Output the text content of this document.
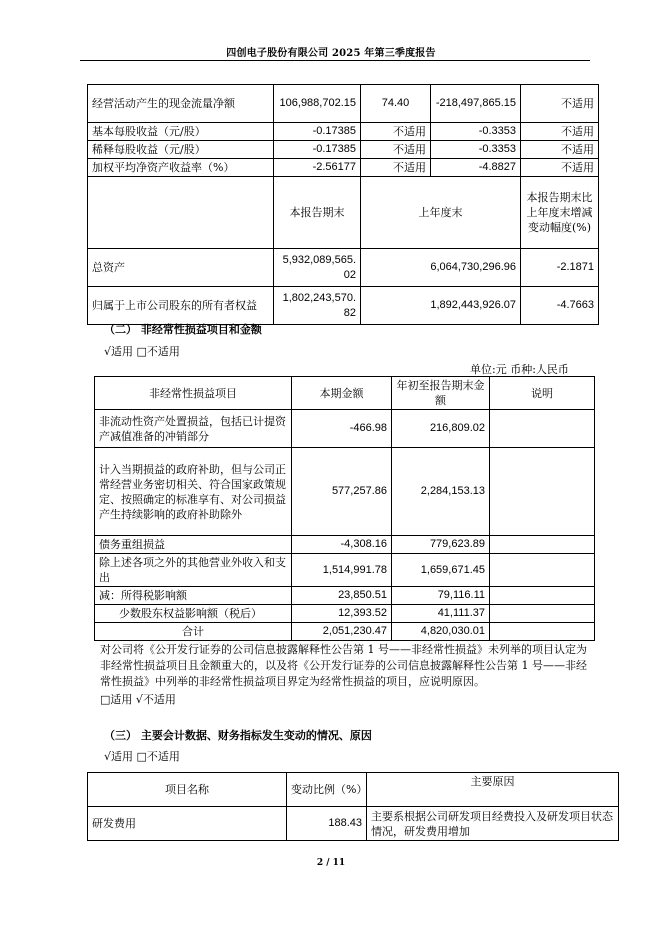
四创电子股份有限公司 2025 年第三季度报告
经营活动产生的现金流量净额	106,988,702.15	74.40	-218,497,865.15	不适用
基本每股收益（元/股）	-0.17385	不适用	-0.3353	不适用
稀释每股收益（元/股）	-0.17385	不适用	-0.3353	不适用
加权平均净资产收益率（%）	-2.56177	不适用	-4.8827	不适用
	本报告期末	上年度末		本报告期末比上年度末增减变动幅度(%)
总资产	5,932,089,565.02	6,064,730,296.96		-2.1871
归属于上市公司股东的所有者权益	1,802,243,570.82	1,892,443,926.07		-4.7663
（二） 非经常性损益项目和金额
√适用 □不适用
单位:元 币种:人民币
非经常性损益项目	本期金额	年初至报告期末金额	说明
非流动性资产处置损益，包括已计提资产减值准备的冲销部分	-466.98	216,809.02	
计入当期损益的政府补助，但与公司正常经营业务密切相关、符合国家政策规定、按照确定的标准享有、对公司损益产生持续影响的政府补助除外	577,257.86	2,284,153.13	
债务重组损益	-4,308.16	779,623.89	
除上述各项之外的其他营业外收入和支出	1,514,991.78	1,659,671.45	
减：所得税影响额	23,850.51	79,116.11	
少数股东权益影响额（税后）	12,393.52	41,111.37	
合计	2,051,230.47	4,820,030.01	
对公司将《公开发行证券的公司信息披露解释性公告第 1 号——非经常性损益》未列举的项目认定为非经常性损益项目且金额重大的，以及将《公开发行证券的公司信息披露解释性公告第 1 号——非经常性损益》中列举的非经常性损益项目界定为经常性损益的项目，应说明原因。
□适用 √不适用
（三） 主要会计数据、财务指标发生变动的情况、原因
√适用 □不适用
项目名称	变动比例（%）	主要原因
研发费用	188.43	主要系根据公司研发项目经费投入及研发项目状态情况，研发费用增加
2 / 11
